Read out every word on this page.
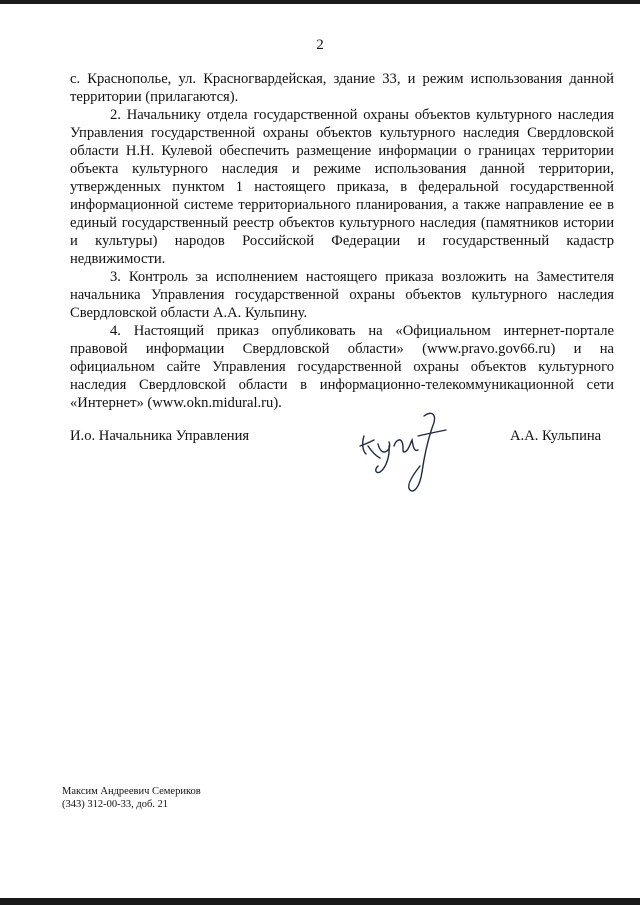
2

с. Краснополье, ул. Красногвардейская, здание 33, и режим использования данной территории (прилагаются).

2. Начальнику отдела государственной охраны объектов культурного наследия Управления государственной охраны объектов культурного наследия Свердловской области Н.Н. Кулевой обеспечить размещение информации о границах территории объекта культурного наследия и режиме использования данной территории, утвержденных пунктом 1 настоящего приказа, в федеральной государственной информационной системе территориального планирования, а также направление ее в единый государственный реестр объектов культурного наследия (памятников истории и культуры) народов Российской Федерации и государственный кадастр недвижимости.

3. Контроль за исполнением настоящего приказа возложить на Заместителя начальника Управления государственной охраны объектов культурного наследия Свердловской области А.А. Кульпину.

4. Настоящий приказ опубликовать на «Официальном интернет-портале правовой информации Свердловской области» (www.pravo.gov66.ru) и на официальном сайте Управления государственной охраны объектов культурного наследия Свердловской области в информационно-телекоммуникационной сети «Интернет» (www.okn.midural.ru).

И.о. Начальника Управления	А.А. Кульпина
Максим Андреевич Семериков
(343) 312-00-33, доб. 21
